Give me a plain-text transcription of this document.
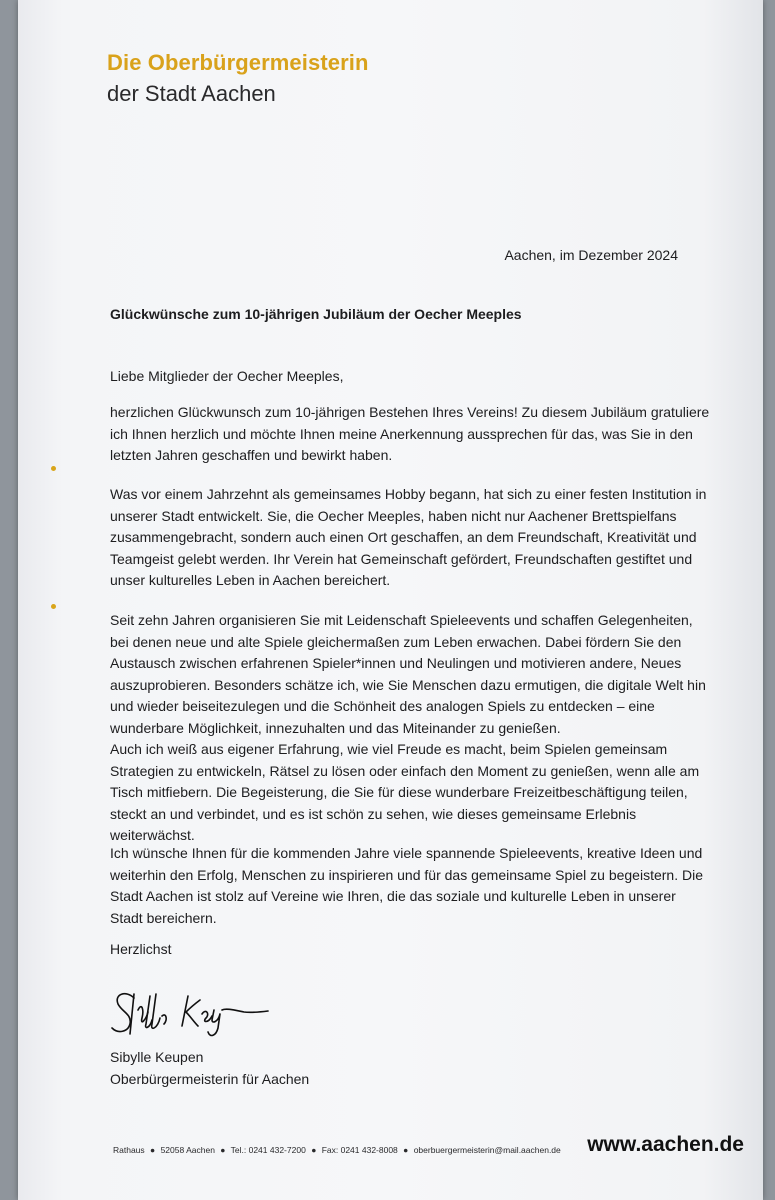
Die Oberbürgermeisterin
der Stadt Aachen
Aachen, im Dezember 2024
Glückwünsche zum 10-jährigen Jubiläum der Oecher Meeples
Liebe Mitglieder der Oecher Meeples,

herzlichen Glückwunsch zum 10-jährigen Bestehen Ihres Vereins! Zu diesem Jubiläum gratuliere ich Ihnen herzlich und möchte Ihnen meine Anerkennung aussprechen für das, was Sie in den letzten Jahren geschaffen und bewirkt haben.

Was vor einem Jahrzehnt als gemeinsames Hobby begann, hat sich zu einer festen Institution in unserer Stadt entwickelt. Sie, die Oecher Meeples, haben nicht nur Aachener Brettspielfans zusammengebracht, sondern auch einen Ort geschaffen, an dem Freundschaft, Kreativität und Teamgeist gelebt werden. Ihr Verein hat Gemeinschaft gefördert, Freundschaften gestiftet und unser kulturelles Leben in Aachen bereichert.

Seit zehn Jahren organisieren Sie mit Leidenschaft Spieleevents und schaffen Gelegenheiten, bei denen neue und alte Spiele gleichermaßen zum Leben erwachen. Dabei fördern Sie den Austausch zwischen erfahrenen Spieler*innen und Neulingen und motivieren andere, Neues auszuprobieren. Besonders schätze ich, wie Sie Menschen dazu ermutigen, die digitale Welt hin und wieder beiseitezulegen und die Schönheit des analogen Spiels zu entdecken – eine wunderbare Möglichkeit, innezuhalten und das Miteinander zu genießen.

Auch ich weiß aus eigener Erfahrung, wie viel Freude es macht, beim Spielen gemeinsam Strategien zu entwickeln, Rätsel zu lösen oder einfach den Moment zu genießen, wenn alle am Tisch mitfiebern. Die Begeisterung, die Sie für diese wunderbare Freizeitbeschäftigung teilen, steckt an und verbindet, und es ist schön zu sehen, wie dieses gemeinsame Erlebnis weiterwächst.

Ich wünsche Ihnen für die kommenden Jahre viele spannende Spieleevents, kreative Ideen und weiterhin den Erfolg, Menschen zu inspirieren und für das gemeinsame Spiel zu begeistern. Die Stadt Aachen ist stolz auf Vereine wie Ihren, die das soziale und kulturelle Leben in unserer Stadt bereichern.

Herzlichst
Sibylle Keupen
Oberbürgermeisterin für Aachen
Rathaus ● 52058 Aachen ● Tel.: 0241 432-7200 ● Fax: 0241 432-8008 ● oberbuergermeisterin@mail.aachen.de www.aachen.de
